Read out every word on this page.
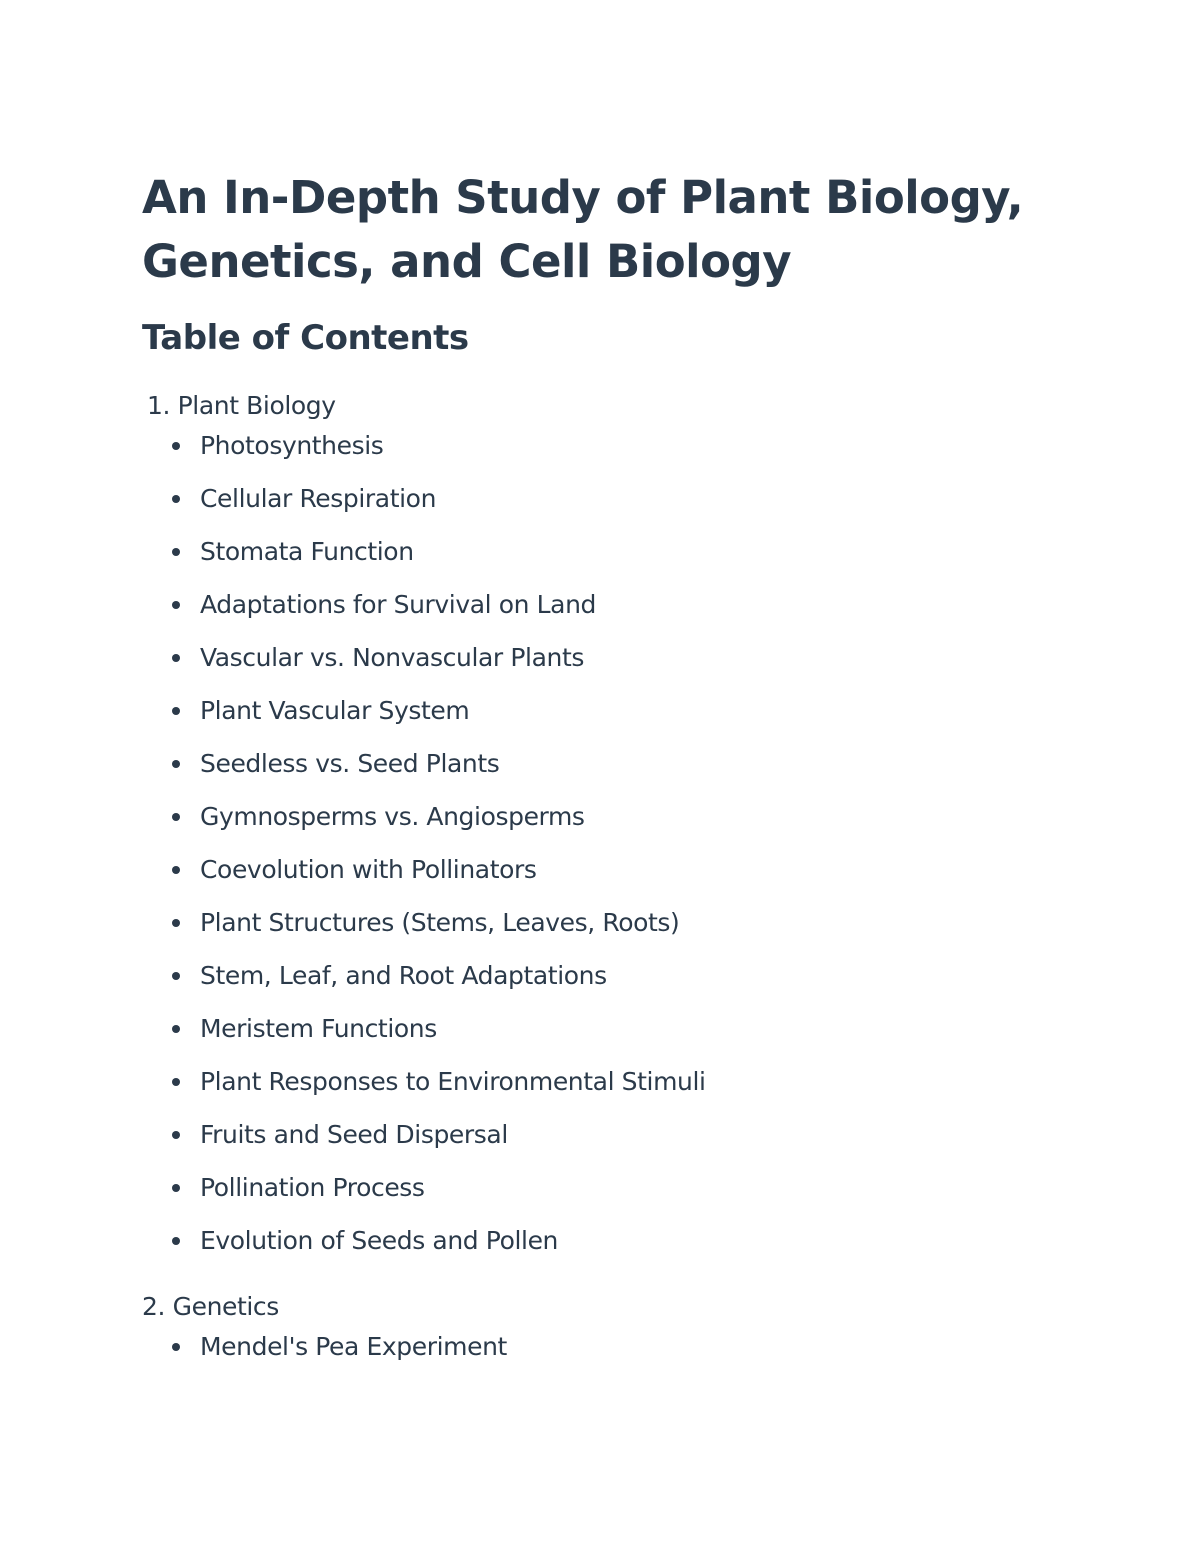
An In-Depth Study of Plant Biology,
Genetics, and Cell Biology
Table of Contents
1. Plant Biology
Photosynthesis
Cellular Respiration
Stomata Function
Adaptations for Survival on Land
Vascular vs. Nonvascular Plants
Plant Vascular System
Seedless vs. Seed Plants
Gymnosperms vs. Angiosperms
Coevolution with Pollinators
Plant Structures (Stems, Leaves, Roots)
Stem, Leaf, and Root Adaptations
Meristem Functions
Plant Responses to Environmental Stimuli
Fruits and Seed Dispersal
Pollination Process
Evolution of Seeds and Pollen
2. Genetics
Mendel's Pea Experiment
